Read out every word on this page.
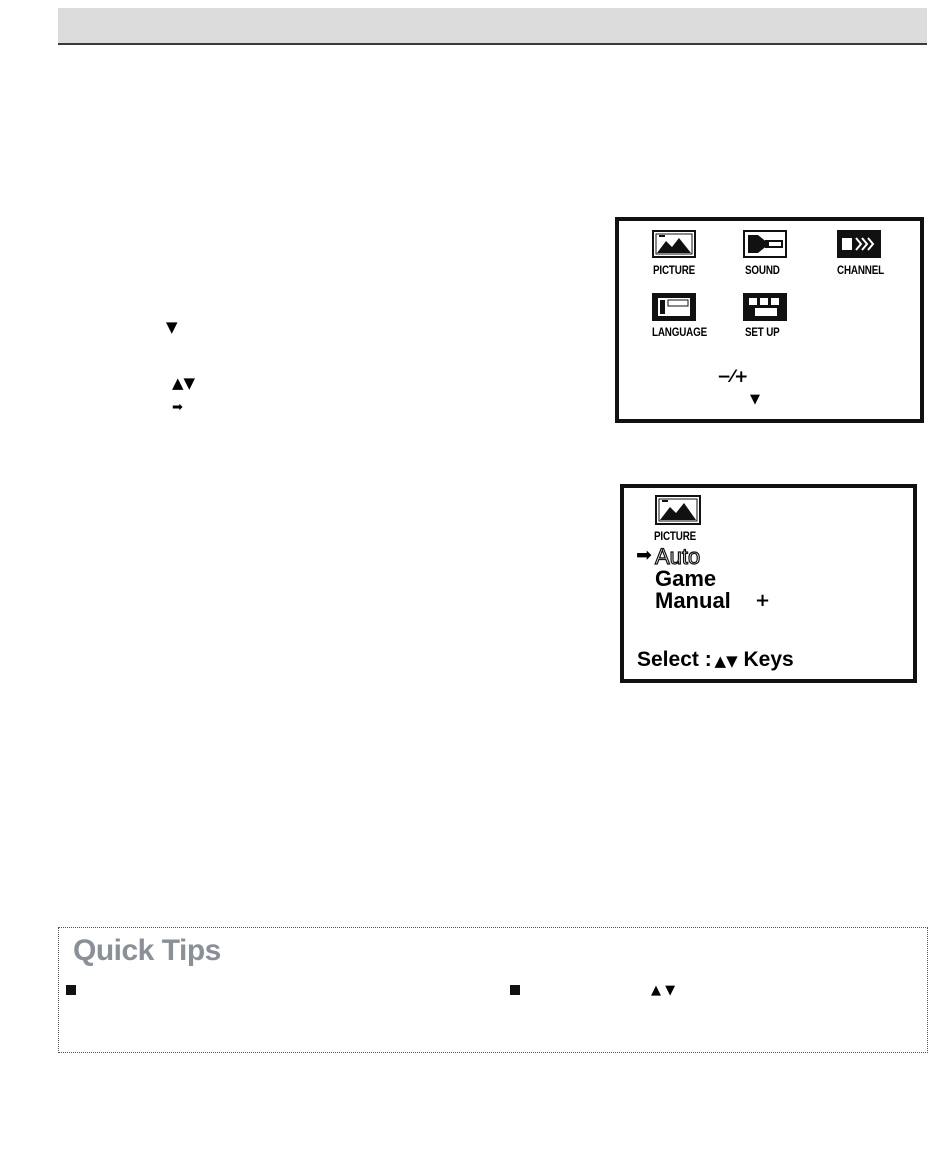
▼
▲▼
➡
PICTURE	SOUND	CHANNEL
LANGUAGE	SET UP
−⁄+
▼
PICTURE
➡ Auto
Game
Manual +
Select : ▲▼ Keys
Quick Tips
▲ ▼
